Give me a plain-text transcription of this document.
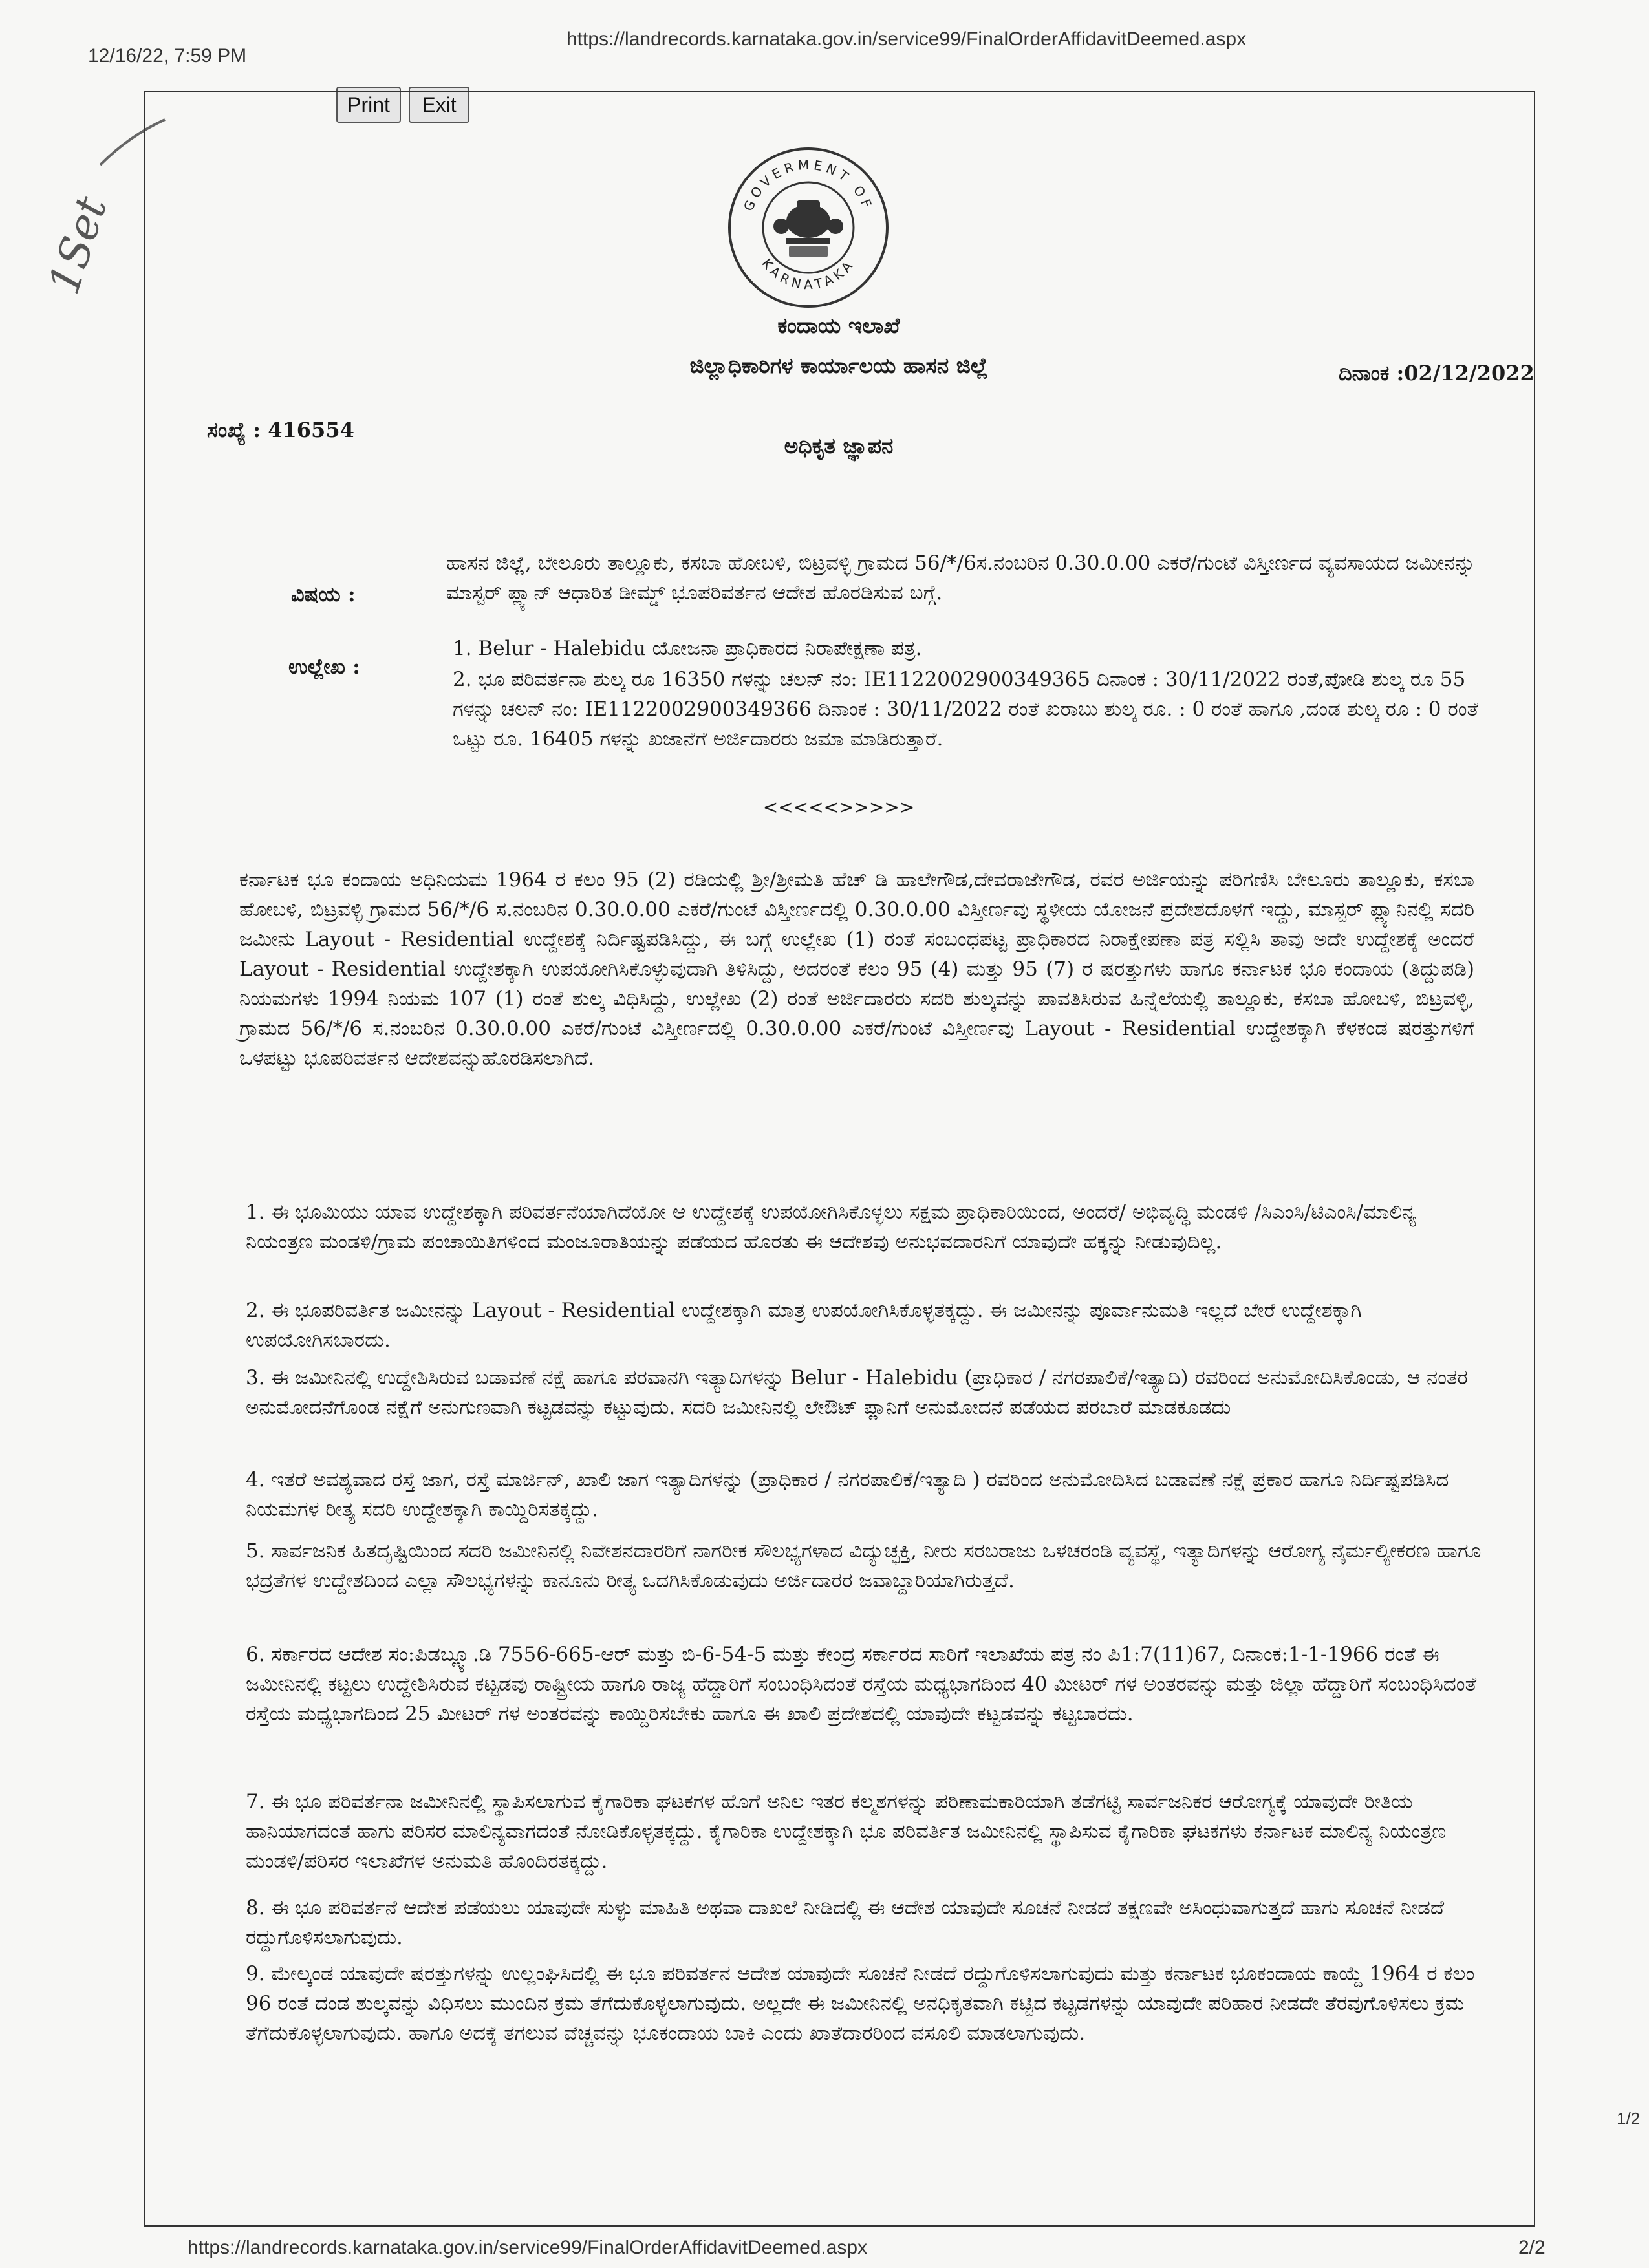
12/16/22, 7:59 PM
https://landrecords.karnataka.gov.in/service99/FinalOrderAffidavitDeemed.aspx
Print	Exit
1Set	GOVERMENT OF
KARNATAKA
ಕಂದಾಯ ಇಲಾಖೆ
ಜಿಲ್ಲಾಧಿಕಾರಿಗಳ ಕಾರ್ಯಾಲಯ ಹಾಸನ ಜಿಲ್ಲೆ	ದಿನಾಂಕ :02/12/2022
ಸಂಖ್ಯೆ : 416554
ಅಧಿಕೃತ ಜ್ಞಾಪನ
ವಿಷಯ :
ಹಾಸನ ಜಿಲ್ಲೆ, ಬೇಲೂರು ತಾಲ್ಲೂಕು, ಕಸಬಾ ಹೋಬಳಿ, ಬಿಟ್ರವಳ್ಳಿ ಗ್ರಾಮದ 56/*/6ಸ.ನಂಬರಿನ 0.30.0.00 ಎಕರೆ/ಗುಂಟೆ ವಿಸ್ತೀರ್ಣದ ವ್ಯವಸಾಯದ ಜಮೀನನ್ನು ಮಾಸ್ಟರ್ ಪ್ಲ್ಯಾನ್ ಆಧಾರಿತ ಡೀಮ್ಡ್ ಭೂಪರಿವರ್ತನ ಆದೇಶ ಹೊರಡಿಸುವ ಬಗ್ಗೆ.
ಉಲ್ಲೇಖ :
1. Belur - Halebidu ಯೋಜನಾ ಪ್ರಾಧಿಕಾರದ ನಿರಾಪೇಕ್ಷಣಾ ಪತ್ರ.
2. ಭೂ ಪರಿವರ್ತನಾ ಶುಲ್ಕ ರೂ 16350 ಗಳನ್ನು ಚಲನ್ ನಂ: IE1122002900349365 ದಿನಾಂಕ : 30/11/2022 ರಂತೆ,ಪೋಡಿ ಶುಲ್ಕ ರೂ 55 ಗಳನ್ನು ಚಲನ್ ನಂ: IE1122002900349366 ದಿನಾಂಕ : 30/11/2022 ರಂತೆ ಖರಾಬು ಶುಲ್ಕ ರೂ. : 0 ರಂತೆ ಹಾಗೂ ,ದಂಡ ಶುಲ್ಕ ರೂ : 0 ರಂತೆ ಒಟ್ಟು ರೂ. 16405 ಗಳನ್ನು ಖಜಾನೆಗೆ ಅರ್ಜಿದಾರರು ಜಮಾ ಮಾಡಿರುತ್ತಾರೆ.
<<<<<>>>>>
ಕರ್ನಾಟಕ ಭೂ ಕಂದಾಯ ಅಧಿನಿಯಮ 1964 ರ ಕಲಂ 95 (2) ರಡಿಯಲ್ಲಿ ಶ್ರೀ/ಶ್ರೀಮತಿ ಹೆಚ್ ಡಿ ಹಾಲೇಗೌಡ,ದೇವರಾಜೇಗೌಡ, ರವರ ಅರ್ಜಿಯನ್ನು ಪರಿಗಣಿಸಿ ಬೇಲೂರು ತಾಲ್ಲೂಕು, ಕಸಬಾ ಹೋಬಳಿ, ಬಿಟ್ರವಳ್ಳಿ ಗ್ರಾಮದ 56/*/6 ಸ.ನಂಬರಿನ 0.30.0.00 ಎಕರೆ/ಗುಂಟೆ ವಿಸ್ತೀರ್ಣದಲ್ಲಿ 0.30.0.00 ವಿಸ್ತೀರ್ಣವು ಸ್ಥಳೀಯ ಯೋಜನೆ ಪ್ರದೇಶದೊಳಗೆ ಇದ್ದು, ಮಾಸ್ಟರ್ ಪ್ಲ್ಯಾನಿನಲ್ಲಿ ಸದರಿ ಜಮೀನು Layout - Residential ಉದ್ದೇಶಕ್ಕೆ ನಿರ್ದಿಷ್ಟಪಡಿಸಿದ್ದು, ಈ ಬಗ್ಗೆ ಉಲ್ಲೇಖ (1) ರಂತೆ ಸಂಬಂಧಪಟ್ಟ ಪ್ರಾಧಿಕಾರದ ನಿರಾಕ್ಷೇಪಣಾ ಪತ್ರ ಸಲ್ಲಿಸಿ ತಾವು ಅದೇ ಉದ್ದೇಶಕ್ಕೆ ಅಂದರೆ Layout - Residential ಉದ್ದೇಶಕ್ಕಾಗಿ ಉಪಯೋಗಿಸಿಕೊಳ್ಳುವುದಾಗಿ ತಿಳಿಸಿದ್ದು, ಅದರಂತೆ ಕಲಂ 95 (4) ಮತ್ತು 95 (7) ರ ಷರತ್ತುಗಳು ಹಾಗೂ ಕರ್ನಾಟಕ ಭೂ ಕಂದಾಯ (ತಿದ್ದುಪಡಿ) ನಿಯಮಗಳು 1994 ನಿಯಮ 107 (1) ರಂತೆ ಶುಲ್ಕ ವಿಧಿಸಿದ್ದು, ಉಲ್ಲೇಖ (2) ರಂತೆ ಅರ್ಜಿದಾರರು ಸದರಿ ಶುಲ್ಕವನ್ನು ಪಾವತಿಸಿರುವ ಹಿನ್ನೆಲೆಯಲ್ಲಿ ತಾಲ್ಲೂಕು, ಕಸಬಾ ಹೋಬಳಿ, ಬಿಟ್ರವಳ್ಳಿ, ಗ್ರಾಮದ 56/*/6 ಸ.ನಂಬರಿನ 0.30.0.00 ಎಕರೆ/ಗುಂಟೆ ವಿಸ್ತೀರ್ಣದಲ್ಲಿ 0.30.0.00 ಎಕರೆ/ಗುಂಟೆ ವಿಸ್ತೀರ್ಣವು Layout - Residential ಉದ್ದೇಶಕ್ಕಾಗಿ ಕೆಳಕಂಡ ಷರತ್ತುಗಳಿಗೆ ಒಳಪಟ್ಟು ಭೂಪರಿವರ್ತನ ಆದೇಶವನ್ನುಹೊರಡಿಸಲಾಗಿದೆ.
1. ಈ ಭೂಮಿಯು ಯಾವ ಉದ್ದೇಶಕ್ಕಾಗಿ ಪರಿವರ್ತನೆಯಾಗಿದೆಯೋ ಆ ಉದ್ದೇಶಕ್ಕೆ ಉಪಯೋಗಿಸಿಕೊಳ್ಳಲು ಸಕ್ಷಮ ಪ್ರಾಧಿಕಾರಿಯಿಂದ, ಅಂದರೆ/ ಅಭಿವೃದ್ಧಿ ಮಂಡಳಿ /ಸಿಎಂಸಿ/ಟಿಎಂಸಿ/ಮಾಲಿನ್ಯ ನಿಯಂತ್ರಣ ಮಂಡಳಿ/ಗ್ರಾಮ ಪಂಚಾಯಿತಿಗಳಿಂದ ಮಂಜೂರಾತಿಯನ್ನು ಪಡೆಯದ ಹೊರತು ಈ ಆದೇಶವು ಅನುಭವದಾರನಿಗೆ ಯಾವುದೇ ಹಕ್ಕನ್ನು ನೀಡುವುದಿಲ್ಲ.
2. ಈ ಭೂಪರಿವರ್ತಿತ ಜಮೀನನ್ನು Layout - Residential ಉದ್ದೇಶಕ್ಕಾಗಿ ಮಾತ್ರ ಉಪಯೋಗಿಸಿಕೊಳ್ಳತಕ್ಕದ್ದು. ಈ ಜಮೀನನ್ನು ಪೂರ್ವಾನುಮತಿ ಇಲ್ಲದೆ ಬೇರೆ ಉದ್ದೇಶಕ್ಕಾಗಿ ಉಪಯೋಗಿಸಬಾರದು.
3. ಈ ಜಮೀನಿನಲ್ಲಿ ಉದ್ದೇಶಿಸಿರುವ ಬಡಾವಣೆ ನಕ್ಷೆ ಹಾಗೂ ಪರವಾನಗಿ ಇತ್ಯಾದಿಗಳನ್ನು Belur - Halebidu (ಪ್ರಾಧಿಕಾರ / ನಗರಪಾಲಿಕೆ/ಇತ್ಯಾದಿ) ರವರಿಂದ ಅನುಮೋದಿಸಿಕೊಂಡು, ಆ ನಂತರ ಅನುಮೋದನೆಗೊಂಡ ನಕ್ಷೆಗೆ ಅನುಗುಣವಾಗಿ ಕಟ್ಟಡವನ್ನು ಕಟ್ಟುವುದು. ಸದರಿ ಜಮೀನಿನಲ್ಲಿ ಲೇಔಟ್ ಪ್ಲಾನಿಗೆ ಅನುಮೋದನೆ ಪಡೆಯದ ಪರಬಾರೆ ಮಾಡಕೂಡದು
4. ಇತರೆ ಅವಶ್ಯವಾದ ರಸ್ತೆ ಜಾಗ, ರಸ್ತೆ ಮಾರ್ಜಿನ್, ಖಾಲಿ ಜಾಗ ಇತ್ಯಾದಿಗಳನ್ನು (ಪ್ರಾಧಿಕಾರ / ನಗರಪಾಲಿಕೆ/ಇತ್ಯಾದಿ ) ರವರಿಂದ ಅನುಮೋದಿಸಿದ ಬಡಾವಣೆ ನಕ್ಷೆ ಪ್ರಕಾರ ಹಾಗೂ ನಿರ್ದಿಷ್ಟಪಡಿಸಿದ ನಿಯಮಗಳ ರೀತ್ಯ ಸದರಿ ಉದ್ದೇಶಕ್ಕಾಗಿ ಕಾಯ್ದಿರಿಸತಕ್ಕದ್ದು.
5. ಸಾರ್ವಜನಿಕ ಹಿತದೃಷ್ಟಿಯಿಂದ ಸದರಿ ಜಮೀನಿನಲ್ಲಿ ನಿವೇಶನದಾರರಿಗೆ ನಾಗರೀಕ ಸೌಲಭ್ಯಗಳಾದ ವಿದ್ಯುಚ್ಛಕ್ತಿ, ನೀರು ಸರಬರಾಜು ಒಳಚರಂಡಿ ವ್ಯವಸ್ಥೆ, ಇತ್ಯಾದಿಗಳನ್ನು ಆರೋಗ್ಯ ನೈರ್ಮಲ್ಯೀಕರಣ ಹಾಗೂ ಭದ್ರತೆಗಳ ಉದ್ದೇಶದಿಂದ ಎಲ್ಲಾ ಸೌಲಭ್ಯಗಳನ್ನು ಕಾನೂನು ರೀತ್ಯ ಒದಗಿಸಿಕೊಡುವುದು ಅರ್ಜಿದಾರರ ಜವಾಬ್ದಾರಿಯಾಗಿರುತ್ತದೆ.
6. ಸರ್ಕಾರದ ಆದೇಶ ಸಂ:ಪಿಡಬ್ಲ್ಯೂ.ಡಿ 7556-665-ಆರ್ ಮತ್ತು ಬಿ-6-54-5 ಮತ್ತು ಕೇಂದ್ರ ಸರ್ಕಾರದ ಸಾರಿಗೆ ಇಲಾಖೆಯ ಪತ್ರ ನಂ ಪಿ1:7(11)67, ದಿನಾಂಕ:1-1-1966 ರಂತೆ ಈ ಜಮೀನಿನಲ್ಲಿ ಕಟ್ಟಲು ಉದ್ದೇಶಿಸಿರುವ ಕಟ್ಟಡವು ರಾಷ್ಟ್ರೀಯ ಹಾಗೂ ರಾಜ್ಯ ಹೆದ್ದಾರಿಗೆ ಸಂಬಂಧಿಸಿದಂತೆ ರಸ್ತೆಯ ಮಧ್ಯಭಾಗದಿಂದ 40 ಮೀಟರ್ ಗಳ ಅಂತರವನ್ನು ಮತ್ತು ಜಿಲ್ಲಾ ಹೆದ್ದಾರಿಗೆ ಸಂಬಂಧಿಸಿದಂತೆ ರಸ್ತೆಯ ಮಧ್ಯಭಾಗದಿಂದ 25 ಮೀಟರ್ ಗಳ ಅಂತರವನ್ನು ಕಾಯ್ದಿರಿಸಬೇಕು ಹಾಗೂ ಈ ಖಾಲಿ ಪ್ರದೇಶದಲ್ಲಿ ಯಾವುದೇ ಕಟ್ಟಡವನ್ನು ಕಟ್ಟಬಾರದು.
7. ಈ ಭೂ ಪರಿವರ್ತನಾ ಜಮೀನಿನಲ್ಲಿ ಸ್ಥಾಪಿಸಲಾಗುವ ಕೈಗಾರಿಕಾ ಘಟಕಗಳ ಹೊಗೆ ಅನಿಲ ಇತರ ಕಲ್ಮಶಗಳನ್ನು ಪರಿಣಾಮಕಾರಿಯಾಗಿ ತಡೆಗಟ್ಟಿ ಸಾರ್ವಜನಿಕರ ಆರೋಗ್ಯಕ್ಕೆ ಯಾವುದೇ ರೀತಿಯ ಹಾನಿಯಾಗದಂತೆ ಹಾಗು ಪರಿಸರ ಮಾಲಿನ್ಯವಾಗದಂತೆ ನೋಡಿಕೊಳ್ಳತಕ್ಕದ್ದು. ಕೈಗಾರಿಕಾ ಉದ್ದೇಶಕ್ಕಾಗಿ ಭೂ ಪರಿವರ್ತಿತ ಜಮೀನಿನಲ್ಲಿ ಸ್ಥಾಪಿಸುವ ಕೈಗಾರಿಕಾ ಘಟಕಗಳು ಕರ್ನಾಟಕ ಮಾಲಿನ್ಯ ನಿಯಂತ್ರಣ ಮಂಡಳಿ/ಪರಿಸರ ಇಲಾಖೆಗಳ ಅನುಮತಿ ಹೊಂದಿರತಕ್ಕದ್ದು.
8. ಈ ಭೂ ಪರಿವರ್ತನೆ ಆದೇಶ ಪಡೆಯಲು ಯಾವುದೇ ಸುಳ್ಳು ಮಾಹಿತಿ ಅಥವಾ ದಾಖಲೆ ನೀಡಿದಲ್ಲಿ ಈ ಆದೇಶ ಯಾವುದೇ ಸೂಚನೆ ನೀಡದೆ ತಕ್ಷಣವೇ ಅಸಿಂಧುವಾಗುತ್ತದೆ ಹಾಗು ಸೂಚನೆ ನೀಡದೆ ರದ್ದುಗೊಳಿಸಲಾಗುವುದು.
9. ಮೇಲ್ಕಂಡ ಯಾವುದೇ ಷರತ್ತುಗಳನ್ನು ಉಲ್ಲಂಘಿಸಿದಲ್ಲಿ ಈ ಭೂ ಪರಿವರ್ತನ ಆದೇಶ ಯಾವುದೇ ಸೂಚನೆ ನೀಡದೆ ರದ್ದುಗೊಳಿಸಲಾಗುವುದು ಮತ್ತು ಕರ್ನಾಟಕ ಭೂಕಂದಾಯ ಕಾಯ್ದೆ 1964 ರ ಕಲಂ 96 ರಂತೆ ದಂಡ ಶುಲ್ಕವನ್ನು ವಿಧಿಸಲು ಮುಂದಿನ ಕ್ರಮ ತೆಗೆದುಕೊಳ್ಳಲಾಗುವುದು. ಅಲ್ಲದೇ ಈ ಜಮೀನಿನಲ್ಲಿ ಅನಧಿಕೃತವಾಗಿ ಕಟ್ಟಿದ ಕಟ್ಟಡಗಳನ್ನು ಯಾವುದೇ ಪರಿಹಾರ ನೀಡದೇ ತೆರವುಗೊಳಿಸಲು ಕ್ರಮ ತೆಗೆದುಕೊಳ್ಳಲಾಗುವುದು. ಹಾಗೂ ಅದಕ್ಕೆ ತಗಲುವ ವೆಚ್ಚವನ್ನು ಭೂಕಂದಾಯ ಬಾಕಿ ಎಂದು ಖಾತೆದಾರರಿಂದ ವಸೂಲಿ ಮಾಡಲಾಗುವುದು.
https://landrecords.karnataka.gov.in/service99/FinalOrderAffidavitDeemed.aspx	2/2
1/2
